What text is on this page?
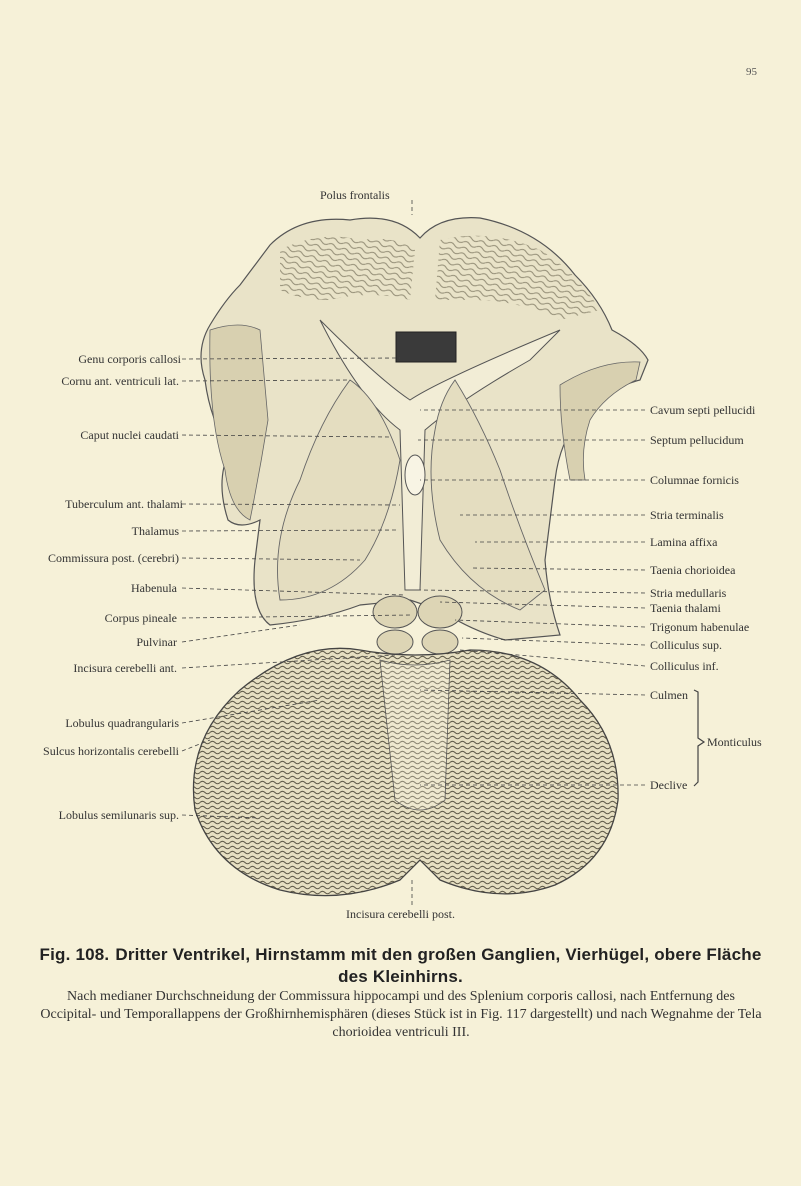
95
Polus frontalis
Genu corporis callosi
Cornu ant. ventriculi lat.
Caput nuclei caudati
Tuberculum ant. thalami
Thalamus
Commissura post. (cerebri)
Habenula
Corpus pineale
Pulvinar
Incisura cerebelli ant.
Lobulus quadrangularis
Sulcus horizontalis cerebelli
Lobulus semilunaris sup.
Cavum septi pellucidi
Septum pellucidum
Columnae fornicis
Stria terminalis
Lamina affixa
Taenia chorioidea
Stria medullaris
Taenia thalami
Trigonum habenulae
Colliculus sup.
Colliculus inf.
Culmen
Declive
Monticulus
Incisura cerebelli post.
Fig. 108. Dritter Ventrikel, Hirnstamm mit den großen Ganglien, Vierhügel, obere Fläche des Kleinhirns.
Nach medianer Durchschneidung der Commissura hippocampi und des Splenium corporis callosi, nach Entfernung des Occipital- und Temporallappens der Großhirnhemisphären (dieses Stück ist in Fig. 117 dargestellt) und nach Wegnahme der Tela chorioidea ventriculi III.
